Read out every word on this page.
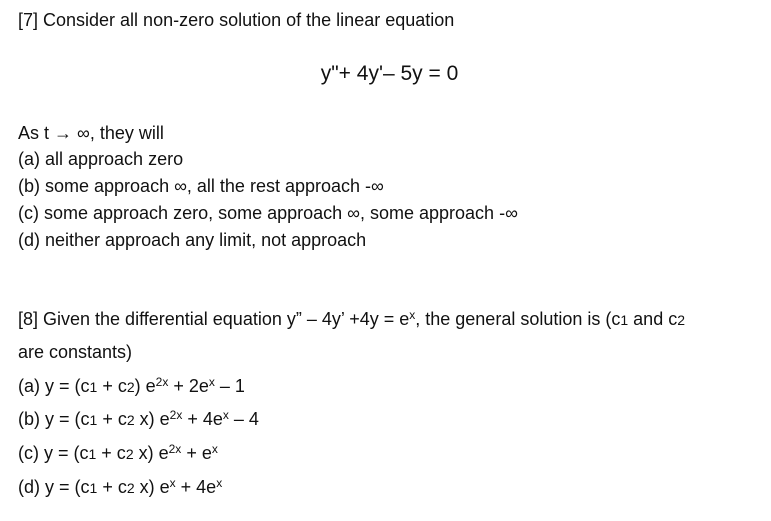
[7] Consider all non-zero solution of the linear equation
y"+ 4y'– 5y = 0
As t → ∞, they will
(a) all approach zero
(b) some approach ∞, all the rest approach -∞
(c) some approach zero, some approach ∞, some approach -∞
(d) neither approach any limit, not approach
[8] Given the differential equation y” – 4y’ $+4y = e^x$, the general solution is (c1 and c2
are constants)
(a) y = (c1 + c2) $e^{2x} + 2e^x - 1$
(b) y = (c1 + c2 x) $e^{2x} + 4e^x - 4$
(c) y = (c1 + c2 x) $e^{2x} + e^x$
(d) y = (c1 + c2 x) $e^x + 4e^x$
